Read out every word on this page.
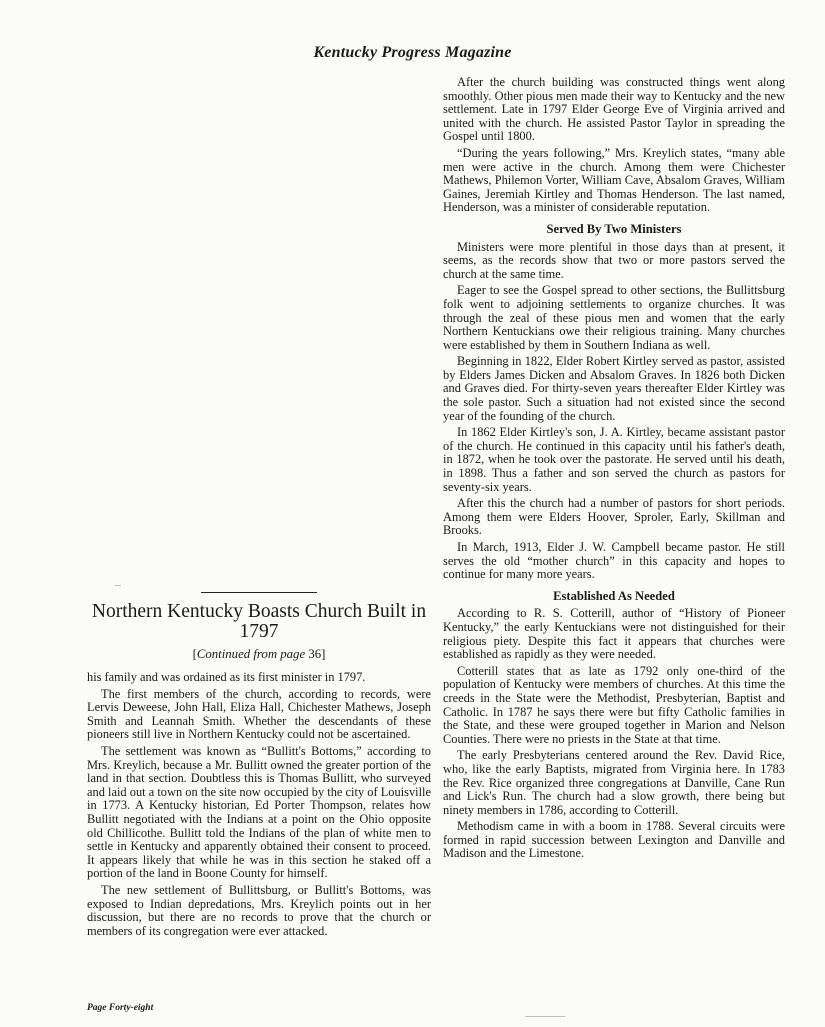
Kentucky Progress Magazine

After the church building was constructed things went along smoothly. Other pious men made their way to Kentucky and the new settlement. Late in 1797 Elder George Eve of Virginia arrived and united with the church. He assisted Pastor Taylor in spreading the Gospel until 1800.

“During the years following,” Mrs. Kreylich states, “many able men were active in the church. Among them were Chichester Mathews, Philemon Vorter, William Cave, Absalom Graves, William Gaines, Jeremiah Kirtley and Thomas Henderson. The last named, Henderson, was a minister of considerable reputation.

Served By Two Ministers

Ministers were more plentiful in those days than at present, it seems, as the records show that two or more pastors served the church at the same time.

Eager to see the Gospel spread to other sections, the Bullittsburg folk went to adjoining settlements to organize churches. It was through the zeal of these pious men and women that the early Northern Kentuckians owe their religious training. Many churches were established by them in Southern Indiana as well.

Beginning in 1822, Elder Robert Kirtley served as pastor, assisted by Elders James Dicken and Absalom Graves. In 1826 both Dicken and Graves died. For thirty-seven years thereafter Elder Kirtley was the sole pastor. Such a situation had not existed since the second year of the founding of the church.

In 1862 Elder Kirtley's son, J. A. Kirtley, became assistant pastor of the church. He continued in this capacity until his father's death, in 1872, when he took over the pastorate. He served until his death, in 1898. Thus a father and son served the church as pastors for seventy-six years.

After this the church had a number of pastors for short periods. Among them were Elders Hoover, Sproler, Early, Skillman and Brooks.

In March, 1913, Elder J. W. Campbell became pastor. He still serves the old “mother church” in this capacity and hopes to continue for many more years.

Established As Needed

According to R. S. Cotterill, author of “History of Pioneer Kentucky,” the early Kentuckians were not distinguished for their religious piety. Despite this fact it appears that churches were established as rapidly as they were needed.

Cotterill states that as late as 1792 only one-third of the population of Kentucky were members of churches. At this time the creeds in the State were the Methodist, Presbyterian, Baptist and Catholic. In 1787 he says there were but fifty Catholic families in the State, and these were grouped together in Marion and Nelson Counties. There were no priests in the State at that time.

The early Presbyterians centered around the Rev. David Rice, who, like the early Baptists, migrated from Virginia here. In 1783 the Rev. Rice organized three congregations at Danville, Cane Run and Lick's Run. The church had a slow growth, there being but ninety members in 1786, according to Cotterill.

Methodism came in with a boom in 1788. Several circuits were formed in rapid succession between Lexington and Danville and Madison and the Limestone.

Northern Kentucky Boasts Church Built in 1797
[Continued from page 36]

his family and was ordained as its first minister in 1797.

The first members of the church, according to records, were Lervis Deweese, John Hall, Eliza Hall, Chichester Mathews, Joseph Smith and Leannah Smith. Whether the descendants of these pioneers still live in Northern Kentucky could not be ascertained.

The settlement was known as “Bullitt's Bottoms,” according to Mrs. Kreylich, because a Mr. Bullitt owned the greater portion of the land in that section. Doubtless this is Thomas Bullitt, who surveyed and laid out a town on the site now occupied by the city of Louisville in 1773. A Kentucky historian, Ed Porter Thompson, relates how Bullitt negotiated with the Indians at a point on the Ohio opposite old Chillicothe. Bullitt told the Indians of the plan of white men to settle in Kentucky and apparently obtained their consent to proceed. It appears likely that while he was in this section he staked off a portion of the land in Boone County for himself.

The new settlement of Bullittsburg, or Bullitt's Bottoms, was exposed to Indian depredations, Mrs. Kreylich points out in her discussion, but there are no records to prove that the church or members of its congregation were ever attacked.

Page Forty-eight
